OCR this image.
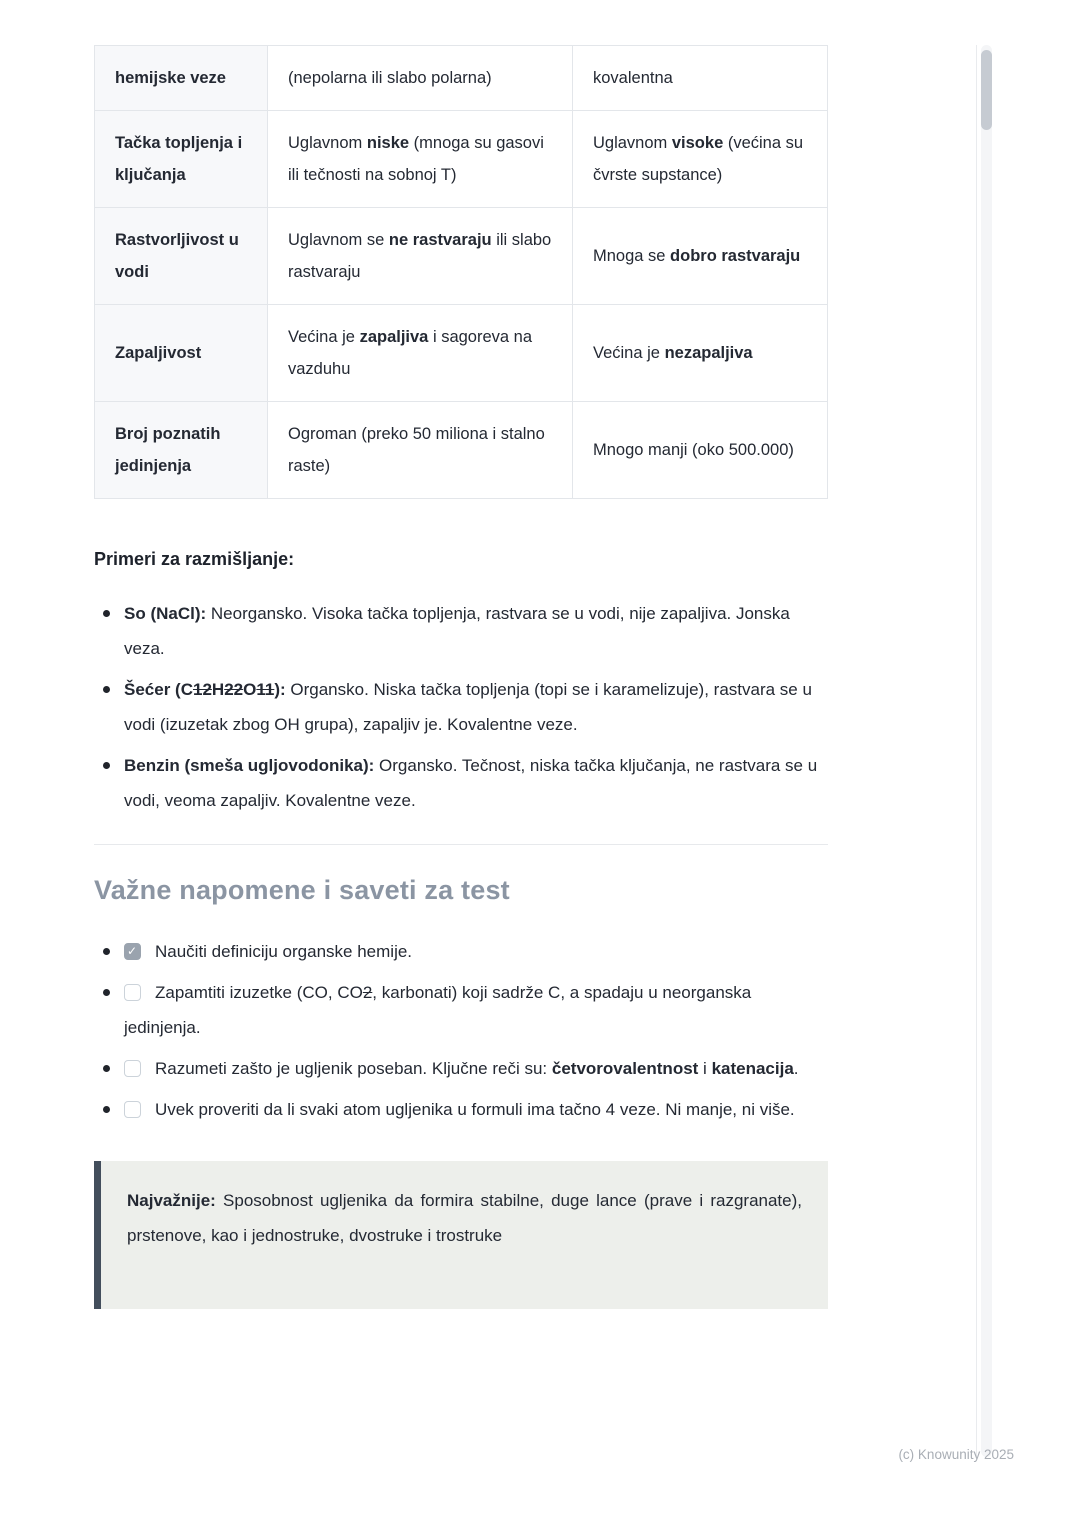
hemijske veze	(nepolarna ili slabo polarna)	kovalentna
Tačka topljenja i ključanja	Uglavnom niske (mnoga su gasovi ili tečnosti na sobnoj T)	Uglavnom visoke (većina su čvrste supstance)
Rastvorljivost u vodi	Uglavnom se ne rastvaraju ili slabo rastvaraju	Mnoga se dobro rastvaraju
Zapaljivost	Većina je zapaljiva i sagoreva na vazduhu	Većina je nezapaljiva
Broj poznatih jedinjenja	Ogroman (preko 50 miliona i stalno raste)	Mnogo manji (oko 500.000)
Primeri za razmišljanje:
So (NaCl): Neorgansko. Visoka tačka topljenja, rastvara se u vodi, nije zapaljiva. Jonska veza.
Šećer (C12H22O11): Organsko. Niska tačka topljenja (topi se i karamelizuje), rastvara se u vodi (izuzetak zbog OH grupa), zapaljiv je. Kovalentne veze.
Benzin (smeša ugljovodonika): Organsko. Tečnost, niska tačka ključanja, ne rastvara se u vodi, veoma zapaljiv. Kovalentne veze.
Važne napomene i saveti za test
✓Naučiti definiciju organske hemije.
Zapamtiti izuzetke (CO, CO2, karbonati) koji sadrže C, a spadaju u neorganska jedinjenja.
Razumeti zašto je ugljenik poseban. Ključne reči su: četvorovalentnost i katenacija.
Uvek proveriti da li svaki atom ugljenika u formuli ima tačno 4 veze. Ni manje, ni više.

Najvažnije: Sposobnost ugljenika da formira stabilne, duge lance (prave i razgranate), prstenove, kao i jednostruke, dvostruke i trostruke

(c) Knowunity 2025
